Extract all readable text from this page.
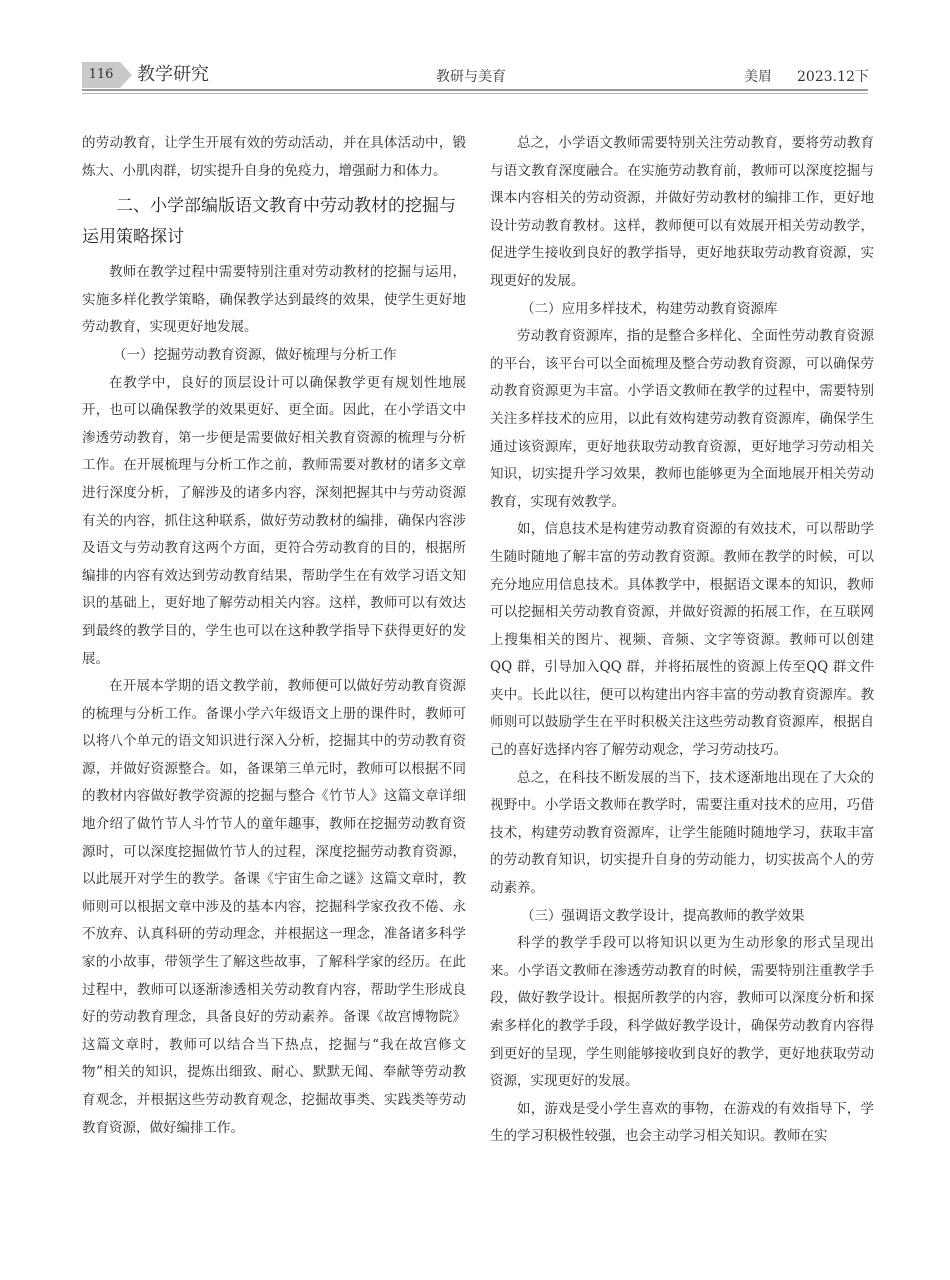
116	教学研究	教研与美育	美眉 2023.12下

的劳动教育，让学生开展有效的劳动活动，并在具体活动中，锻炼大、小肌肉群，切实提升自身的免疫力，增强耐力和体力。

二、小学部编版语文教育中劳动教材的挖掘与运用策略探讨

教师在教学过程中需要特别注重对劳动教材的挖掘与运用，实施多样化教学策略，确保教学达到最终的效果，使学生更好地劳动教育，实现更好地发展。

（一）挖掘劳动教育资源，做好梳理与分析工作

在教学中，良好的顶层设计可以确保教学更有规划性地展开，也可以确保教学的效果更好、更全面。因此，在小学语文中渗透劳动教育，第一步便是需要做好相关教育资源的梳理与分析工作。在开展梳理与分析工作之前，教师需要对教材的诸多文章进行深度分析，了解涉及的诸多内容，深刻把握其中与劳动资源有关的内容，抓住这种联系，做好劳动教材的编排，确保内容涉及语文与劳动教育这两个方面，更符合劳动教育的目的，根据所编排的内容有效达到劳动教育结果，帮助学生在有效学习语文知识的基础上，更好地了解劳动相关内容。这样，教师可以有效达到最终的教学目的，学生也可以在这种教学指导下获得更好的发展。

在开展本学期的语文教学前，教师便可以做好劳动教育资源的梳理与分析工作。备课小学六年级语文上册的课件时，教师可以将八个单元的语文知识进行深入分析，挖掘其中的劳动教育资源，并做好资源整合。如，备课第三单元时，教师可以根据不同的教材内容做好教学资源的挖掘与整合《竹节人》这篇文章详细地介绍了做竹节人斗竹节人的童年趣事，教师在挖掘劳动教育资源时，可以深度挖掘做竹节人的过程，深度挖掘劳动教育资源，以此展开对学生的教学。备课《宇宙生命之谜》这篇文章时，教师则可以根据文章中涉及的基本内容，挖掘科学家孜孜不倦、永不放弃、认真科研的劳动理念，并根据这一理念，准备诸多科学家的小故事，带领学生了解这些故事，了解科学家的经历。在此过程中，教师可以逐渐渗透相关劳动教育内容，帮助学生形成良好的劳动教育理念，具备良好的劳动素养。备课《故宫博物院》这篇文章时，教师可以结合当下热点，挖掘与“我在故宫修文物”相关的知识，提炼出细致、耐心、默默无闻、奉献等劳动教育观念，并根据这些劳动教育观念，挖掘故事类、实践类等劳动教育资源，做好编排工作。

总之，小学语文教师需要特别关注劳动教育，要将劳动教育与语文教育深度融合。在实施劳动教育前，教师可以深度挖掘与课本内容相关的劳动资源，并做好劳动教材的编排工作，更好地设计劳动教育教材。这样，教师便可以有效展开相关劳动教学，促进学生接收到良好的教学指导，更好地获取劳动教育资源，实现更好的发展。

（二）应用多样技术，构建劳动教育资源库

劳动教育资源库，指的是整合多样化、全面性劳动教育资源的平台，该平台可以全面梳理及整合劳动教育资源，可以确保劳动教育资源更为丰富。小学语文教师在教学的过程中，需要特别关注多样技术的应用，以此有效构建劳动教育资源库，确保学生通过该资源库，更好地获取劳动教育资源，更好地学习劳动相关知识，切实提升学习效果，教师也能够更为全面地展开相关劳动教育，实现有效教学。

如，信息技术是构建劳动教育资源的有效技术，可以帮助学生随时随地了解丰富的劳动教育资源。教师在教学的时候，可以充分地应用信息技术。具体教学中，根据语文课本的知识，教师可以挖掘相关劳动教育资源，并做好资源的拓展工作，在互联网上搜集相关的图片、视频、音频、文字等资源。教师可以创建QQ 群，引导加入QQ 群，并将拓展性的资源上传至QQ 群文件夹中。长此以往，便可以构建出内容丰富的劳动教育资源库。教师则可以鼓励学生在平时积极关注这些劳动教育资源库，根据自己的喜好选择内容了解劳动观念，学习劳动技巧。

总之，在科技不断发展的当下，技术逐渐地出现在了大众的视野中。小学语文教师在教学时，需要注重对技术的应用，巧借技术，构建劳动教育资源库，让学生能随时随地学习，获取丰富的劳动教育知识，切实提升自身的劳动能力，切实拔高个人的劳动素养。

（三）强调语文教学设计，提高教师的教学效果

科学的教学手段可以将知识以更为生动形象的形式呈现出来。小学语文教师在渗透劳动教育的时候，需要特别注重教学手段，做好教学设计。根据所教学的内容，教师可以深度分析和探索多样化的教学手段，科学做好教学设计，确保劳动教育内容得到更好的呈现，学生则能够接收到良好的教学，更好地获取劳动资源，实现更好的发展。

如，游戏是受小学生喜欢的事物，在游戏的有效指导下，学生的学习积极性较强，也会主动学习相关知识。教师在实
